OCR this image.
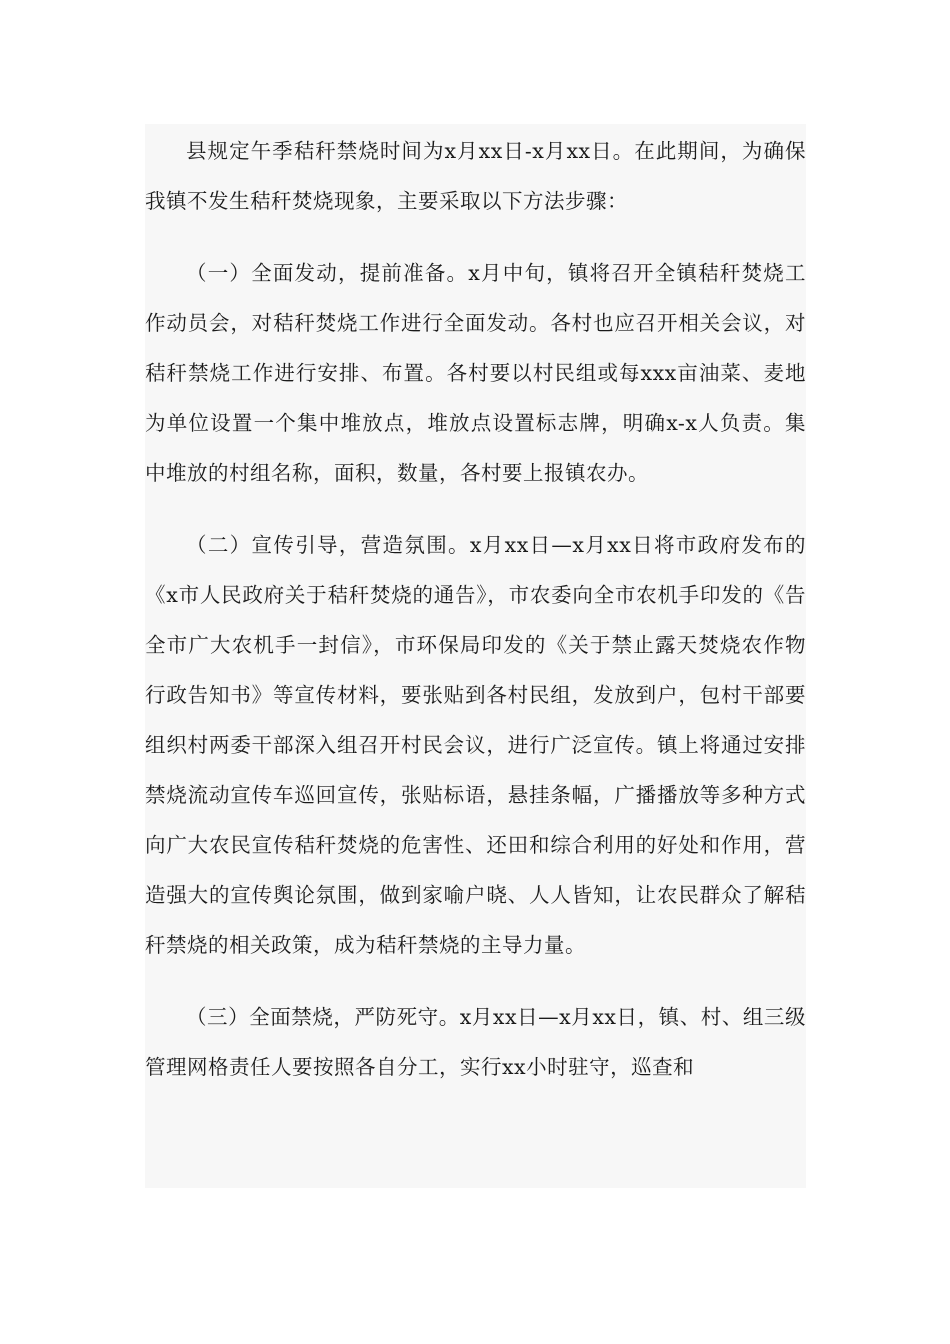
县规定午季秸秆禁烧时间为x月xx日-x月xx日。在此期间，为确保我镇不发生秸秆焚烧现象，主要采取以下方法步骤：

（一）全面发动，提前准备。x月中旬，镇将召开全镇秸秆焚烧工作动员会，对秸秆焚烧工作进行全面发动。各村也应召开相关会议，对秸秆禁烧工作进行安排、布置。各村要以村民组或每xxx亩油菜、麦地为单位设置一个集中堆放点，堆放点设置标志牌，明确x-x人负责。集中堆放的村组名称，面积，数量，各村要上报镇农办。

（二）宣传引导，营造氛围。x月xx日—x月xx日将市政府发布的《x市人民政府关于秸秆焚烧的通告》，市农委向全市农机手印发的《告全市广大农机手一封信》，市环保局印发的《关于禁止露天焚烧农作物行政告知书》等宣传材料，要张贴到各村民组，发放到户，包村干部要组织村两委干部深入组召开村民会议，进行广泛宣传。镇上将通过安排禁烧流动宣传车巡回宣传，张贴标语，悬挂条幅，广播播放等多种方式向广大农民宣传秸秆焚烧的危害性、还田和综合利用的好处和作用，营造强大的宣传舆论氛围，做到家喻户晓、人人皆知，让农民群众了解秸秆禁烧的相关政策，成为秸秆禁烧的主导力量。

（三）全面禁烧，严防死守。x月xx日—x月xx日，镇、村、组三级管理网格责任人要按照各自分工，实行xx小时驻守，巡查和
